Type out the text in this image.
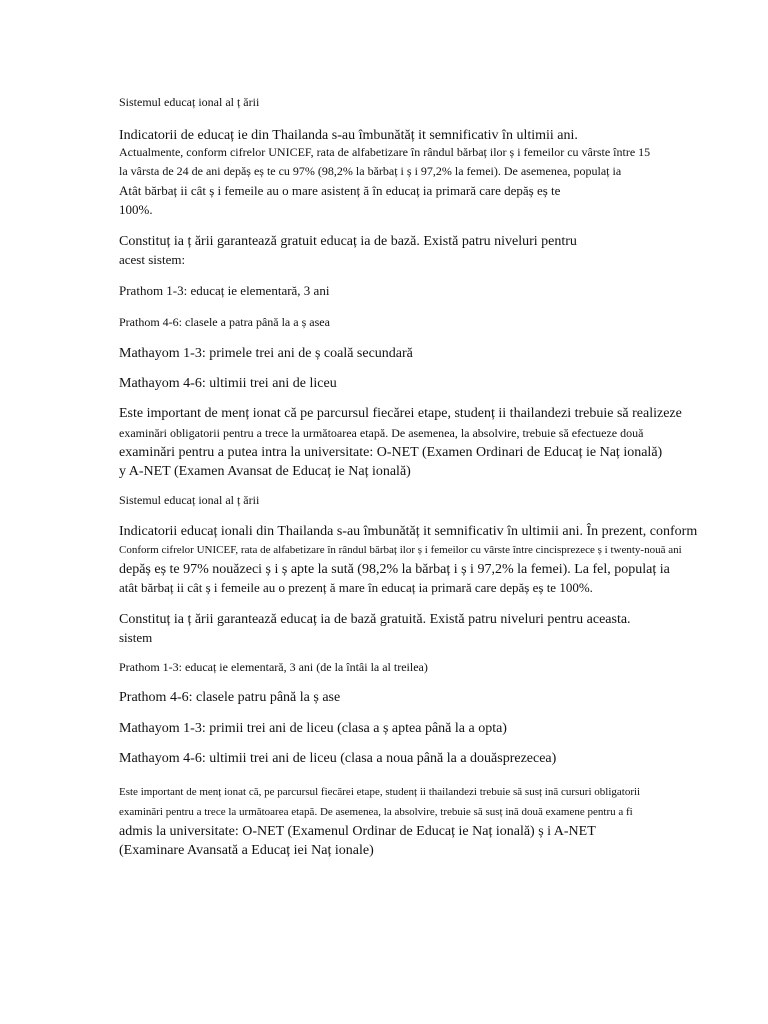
Sistemul educaț ional al ț ării
Indicatorii de educaț ie din Thailanda s-au îmbunătăț it semnificativ în ultimii ani.
Actualmente, conform cifrelor UNICEF, rata de alfabetizare în rândul bărbaț ilor ș i femeilor cu vârste între 15
la vârsta de 24 de ani depăș eș te cu 97% (98,2% la bărbaț i ș i 97,2% la femei). De asemenea, populaț ia
Atât bărbaț ii cât ș i femeile au o mare asistenț ă în educaț ia primară care depăș eș te
100%.
Constituț ia ț ării garantează gratuit educaț ia de bază. Există patru niveluri pentru
acest sistem:
Prathom 1-3: educaț ie elementară, 3 ani
Prathom 4-6: clasele a patra până la a ș asea
Mathayom 1-3: primele trei ani de ș coală secundară
Mathayom 4-6: ultimii trei ani de liceu
Este important de menț ionat că pe parcursul fiecărei etape, studenț ii thailandezi trebuie să realizeze
examinări obligatorii pentru a trece la următoarea etapă. De asemenea, la absolvire, trebuie să efectueze două
examinări pentru a putea intra la universitate: O-NET (Examen Ordinari de Educaț ie Naț ională)
y A-NET (Examen Avansat de Educaț ie Naț ională)
Sistemul educaț ional al ț ării
Indicatorii educaț ionali din Thailanda s-au îmbunătăț it semnificativ în ultimii ani. În prezent, conform
Conform cifrelor UNICEF, rata de alfabetizare în rândul bărbaț ilor ș i femeilor cu vârste între cincisprezece ș i twenty-nouă ani
depăș eș te 97% nouăzeci ș i ș apte la sută (98,2% la bărbaț i ș i 97,2% la femei). La fel, populaț ia
atât bărbaț ii cât ș i femeile au o prezenț ă mare în educaț ia primară care depăș eș te 100%.
Constituț ia ț ării garantează educaț ia de bază gratuită. Există patru niveluri pentru aceasta.
sistem
Prathom 1-3: educaț ie elementară, 3 ani (de la întâi la al treilea)
Prathom 4-6: clasele patru până la ș ase
Mathayom 1-3: primii trei ani de liceu (clasa a ș aptea până la a opta)
Mathayom 4-6: ultimii trei ani de liceu (clasa a noua până la a douăsprezecea)
Este important de menț ionat că, pe parcursul fiecărei etape, studenț ii thailandezi trebuie să susț ină cursuri obligatorii
examinări pentru a trece la următoarea etapă. De asemenea, la absolvire, trebuie să susț ină două examene pentru a fi
admis la universitate: O-NET (Examenul Ordinar de Educaț ie Naț ională) ș i A-NET
(Examinare Avansată a Educaț iei Naț ionale)
